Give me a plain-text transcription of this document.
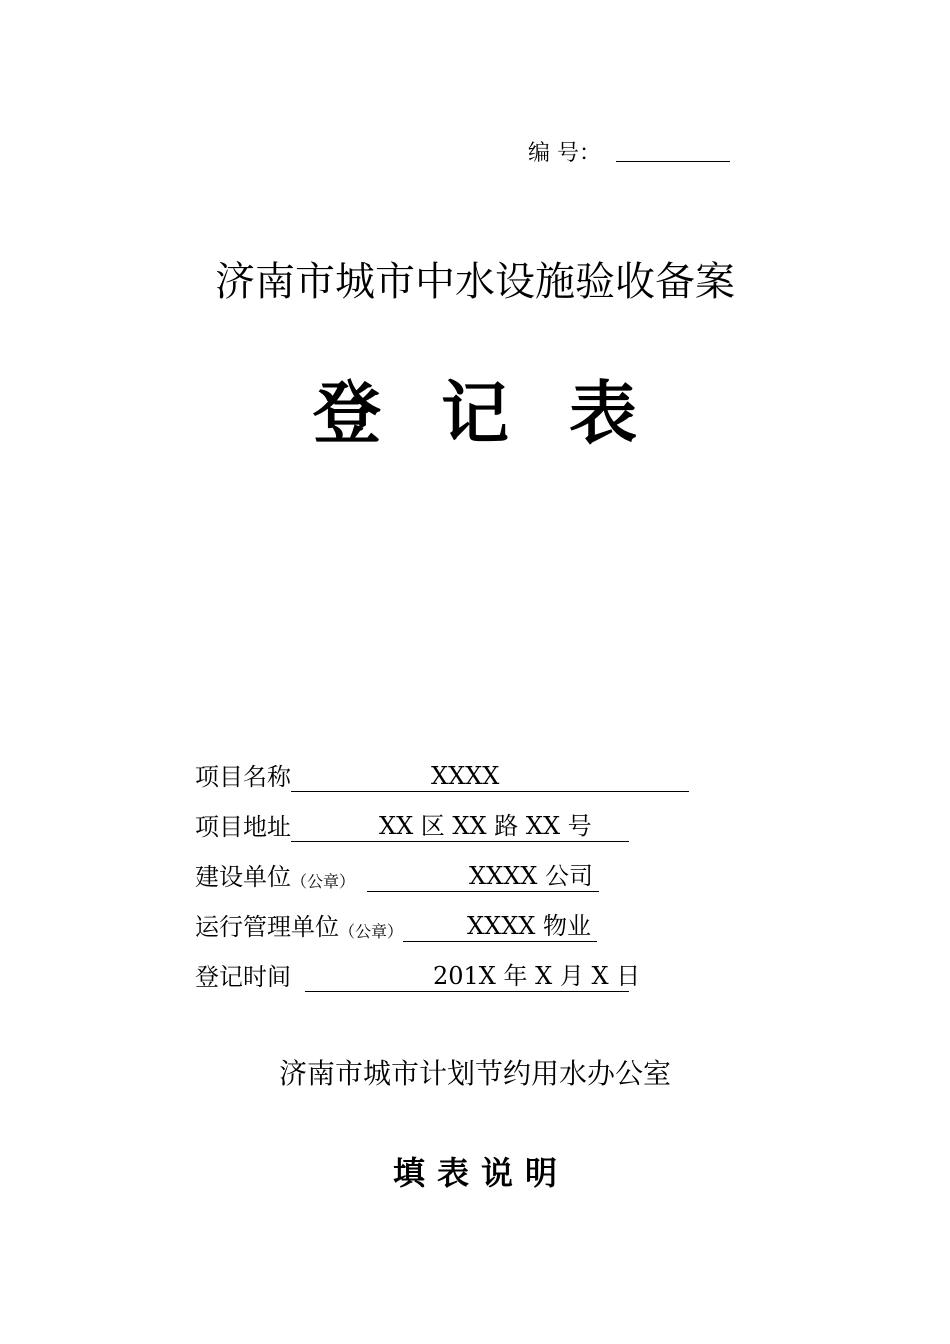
编 号：
济南市城市中水设施验收备案
登记表
项目名称	XXXX
项目地址	XX 区 XX 路 XX 号
建设单位 （公章）	XXXX 公司
运行管理单位 （公章）	XXXX 物业
登记时间	201X 年 X 月 X 日
济南市城市计划节约用水办公室
填表说明
